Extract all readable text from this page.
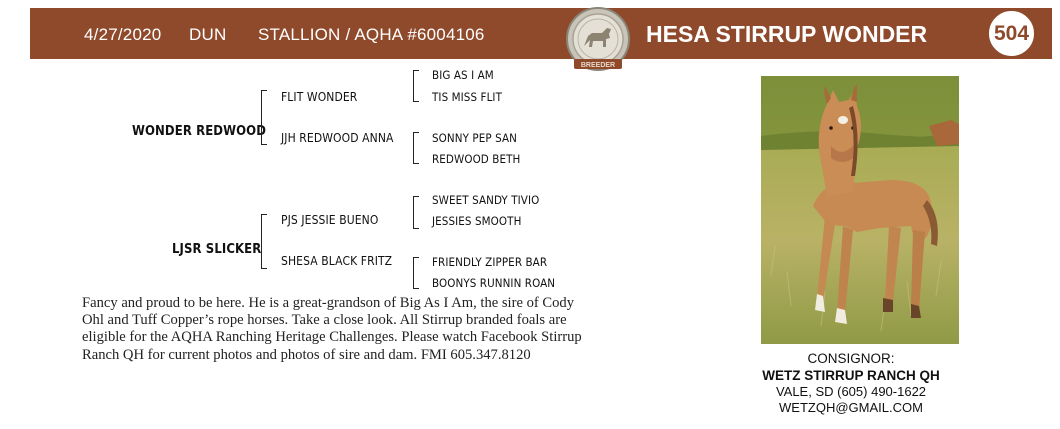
4/27/2020 DUN STALLION / AQHA #6004106	HESA STIRRUP WONDER
BREEDER
504
WONDER REDWOOD
FLIT WONDER
JJH REDWOOD ANNA
BIG AS I AM
TIS MISS FLIT
SONNY PEP SAN
REDWOOD BETH
LJSR SLICKER
PJS JESSIE BUENO
SHESA BLACK FRITZ
SWEET SANDY TIVIO
JESSIES SMOOTH
FRIENDLY ZIPPER BAR
BOONYS RUNNIN ROAN
Fancy and proud to be here. He is a great-grandson of Big As I Am, the sire of Cody
Ohl and Tuff Copper’s rope horses. Take a close look. All Stirrup branded foals are
eligible for the AQHA Ranching Heritage Challenges. Please watch Facebook Stirrup
Ranch QH for current photos and photos of sire and dam. FMI 605.347.8120	CONSIGNOR:
WETZ STIRRUP RANCH QH
VALE, SD (605) 490-1622
WETZQH@GMAIL.COM
